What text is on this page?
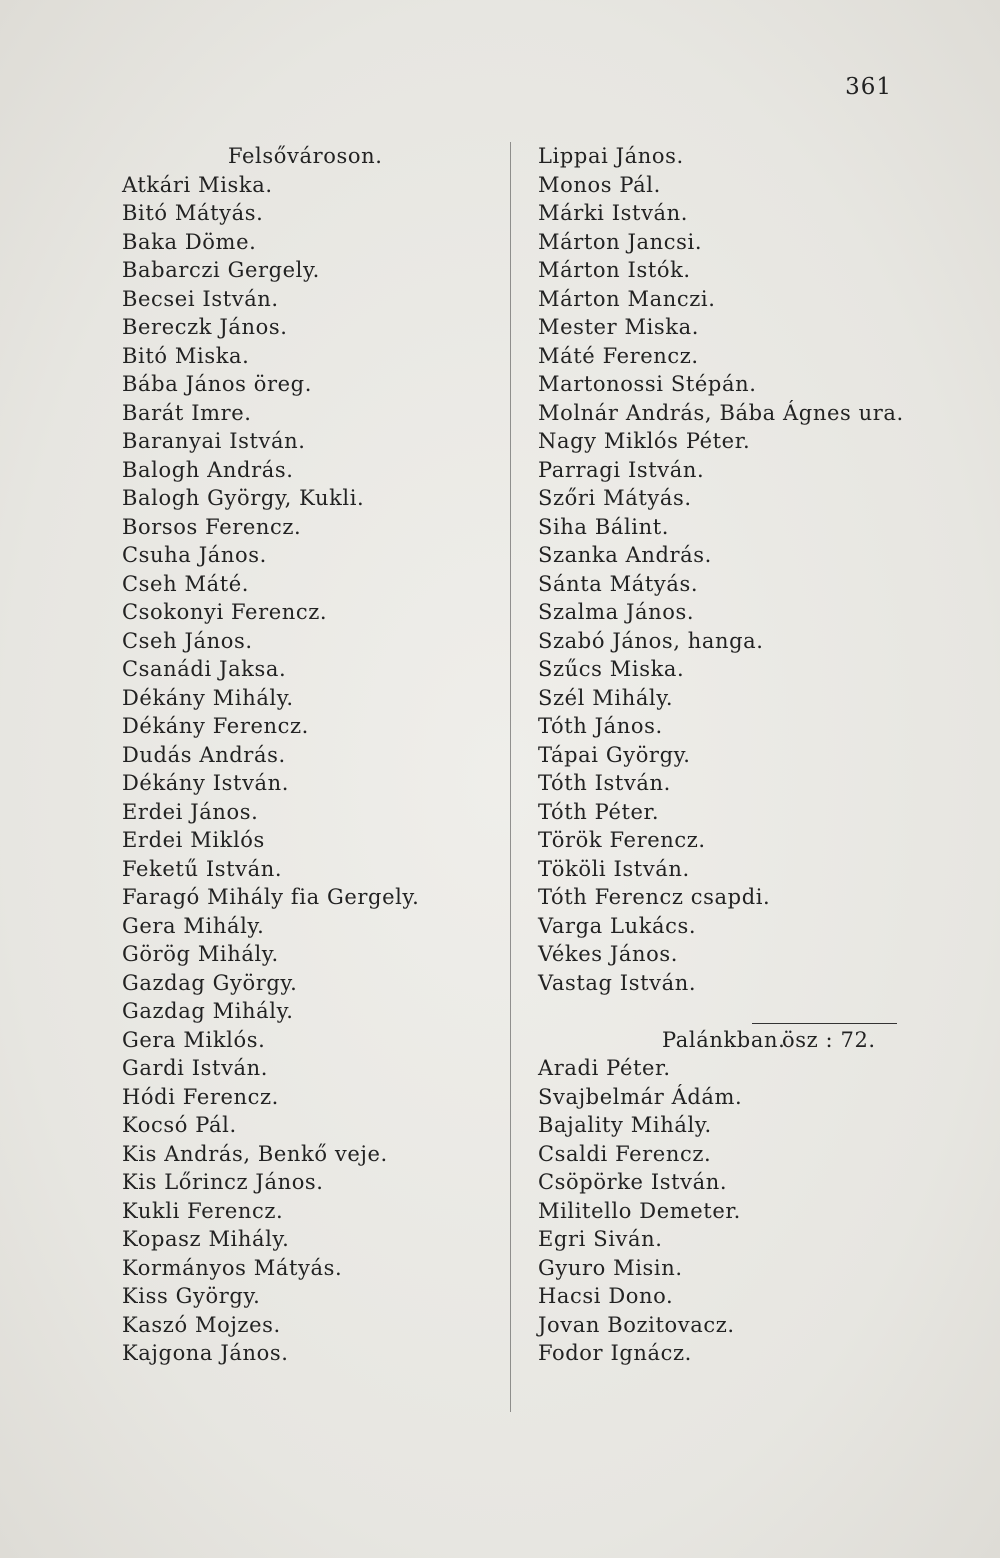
361
Felsővároson.
Atkári Miska.
Bitó Mátyás.
Baka Döme.
Babarczi Gergely.
Becsei István.
Bereczk János.
Bitó Miska.
Bába János öreg.
Barát Imre.
Baranyai István.
Balogh András.
Balogh György, Kukli.
Borsos Ferencz.
Csuha János.
Cseh Máté.
Csokonyi Ferencz.
Cseh János.
Csanádi Jaksa.
Dékány Mihály.
Dékány Ferencz.
Dudás András.
Dékány István.
Erdei János.
Erdei Miklós
Feketű István.
Faragó Mihály fia Gergely.
Gera Mihály.
Görög Mihály.
Gazdag György.
Gazdag Mihály.
Gera Miklós.
Gardi István.
Hódi Ferencz.
Kocsó Pál.
Kis András, Benkő veje.
Kis Lőrincz János.
Kukli Ferencz.
Kopasz Mihály.
Kormányos Mátyás.
Kiss György.
Kaszó Mojzes.
Kajgona János.
Lippai János.
Monos Pál.
Márki István.
Márton Jancsi.
Márton Istók.
Márton Manczi.
Mester Miska.
Máté Ferencz.
Martonossi Stépán.
Molnár András, Bába Ágnes ura.
Nagy Miklós Péter.
Parragi István.
Szőri Mátyás.
Siha Bálint.
Szanka András.
Sánta Mátyás.
Szalma János.
Szabó János, hanga.
Szűcs Miska.
Szél Mihály.
Tóth János.
Tápai György.
Tóth István.
Tóth Péter.
Török Ferencz.
Tököli István.
Tóth Ferencz csapdi.
Varga Lukács.
Vékes János.
Vastag István.
Palánkban.
Aradi Péter.
Svajbelmár Ádám.
Bajality Mihály.
Csaldi Ferencz.
Csöpörke István.
Militello Demeter.
Egri Siván.
Gyuro Misin.
Hacsi Dono.
Jovan Bozitovacz.
Fodor Ignácz.
ösz : 72.
